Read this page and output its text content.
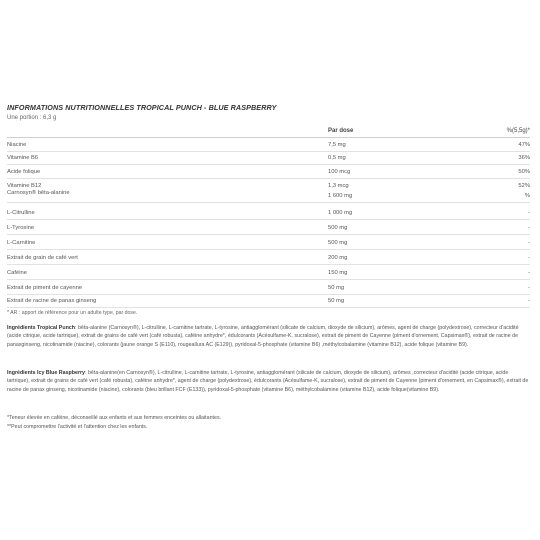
INFORMATIONS NUTRITIONNELLES TROPICAL PUNCH - BLUE RASPBERRY
Une portion : 6,3 g
Par dose	%(5,5g)*
Niacine	7,5 mg	47%
Vitamine B6	0,5 mg	36%
Acide folique	100 mcg	50%
Vitamine B12	1,3 mcg	52%
Carnosyn® bêta-alanine	1 600 mg	%
L-Citrulline	1 000 mg	-
L-Tyrosine	500 mg	-
L-Carnitine	500 mg	-
Extrait de grain de café vert	200 mg	-
Caféine	150 mg	-
Extrait de piment de cayenne	50 mg	-
Extrait de racine de panax ginseng	50 mg	-
* AR : apport de référence pour un adulte type, par dose.
Ingrédients Tropical Punch: bêta-alanine (Carnosyn®), L-citrulline, L-carnitine tartrate, L-tyrosine, antiagglomérant (silicate de calcium, dioxyde de silicium), arômes, agent de charge (polydextrose), correcteur d'acidité (acide citrique, acide tartrique), extrait de grains de café vert (café robusta), caféine anhydre*, édulcorants (Acésulfame-K, sucralose), extrait de piment de Cayenne (piment d'ornement, Capsimax®), extrait de racine de panaxginseng, nicotinamide (niacine), colorants (jaune orange S (E110), rougeallura AC (E129)), pyridoxal-5-phosphate (vitamine B6) ,méthylcobalamine (vitamine B12), acide folique (vitamine B9).
Ingrédients Icy Blue Raspberry: bêta-alanine(en Carnosyn®), L-citrulline, L-carnitine tartrate, L-tyrosine, antiagglomérant (silicate de calcium, dioxyde de silicium), arômes ,correcteur d'acidité (acide citrique, acide tartrique), extrait de grains de café vert (café robusta), caféine anhydre*, agent de charge (polydextrose), édulcorants (Acésulfame-K, sucralose), extrait de piment de Cayenne (piment d'ornement, en Capsimax®), extrait de racine de panax ginseng, nicotinamide (niacine), colorants (bleu brillant FCF (E133)), pyridoxal-5-phosphate (vitamine B6), méthylcobalamine (vitamine B12), acide folique(vitamine B9).
*Teneur élevée en caféine, déconseillé aux enfants et aux femmes enceintes ou allaitantes.
**Peut compromettre l'activité et l'attention chez les enfants.
